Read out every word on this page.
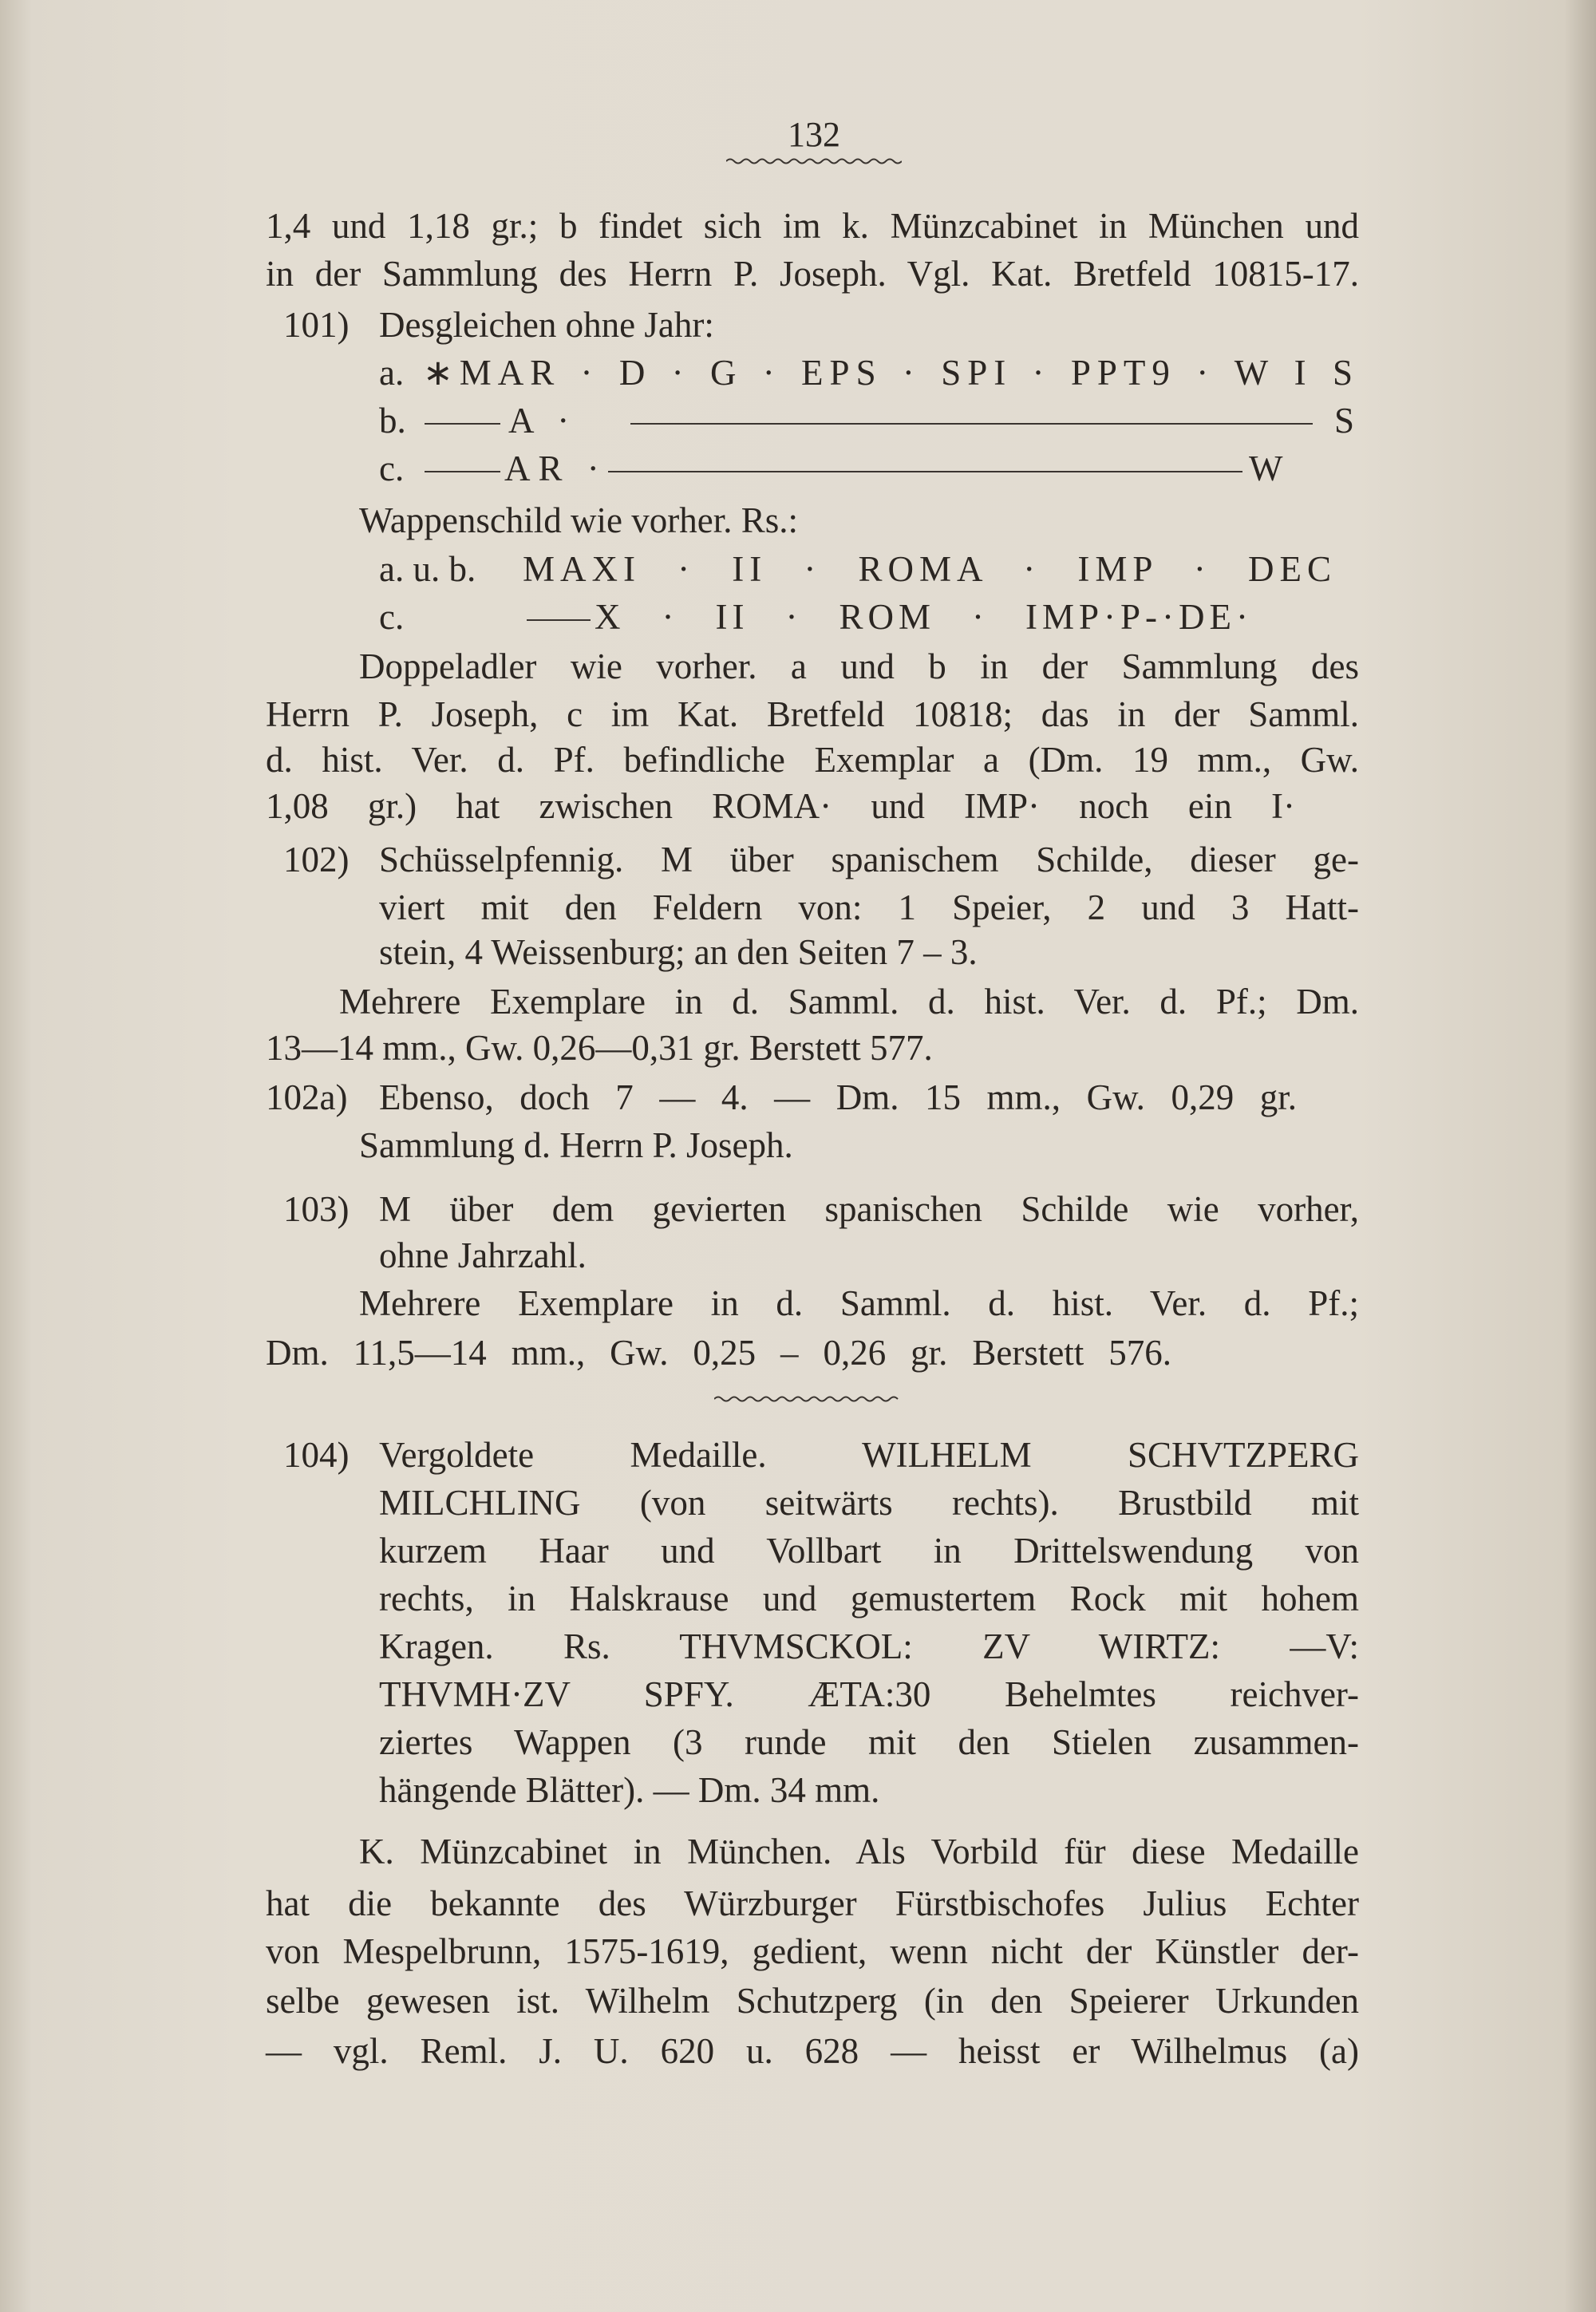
132
1,4 und 1,18 gr.; b findet sich im k. Münzcabinet in München und
in der Sammlung des Herrn P. Joseph. Vgl. Kat. Bretfeld 10815-17.
101) Desgleichen ohne Jahr:
a. ∗MAR · D · G · EPS · SPI · PPT9 · W I S
b.	A ·	S
c.	AR ·	W
Wappenschild wie vorher. Rs.:
a. u. b. MAXI · II · ROMA · IMP · DEC
c.	X · II · ROM · IMP·P-·DE·
Doppeladler wie vorher. a und b in der Sammlung des
Herrn P. Joseph, c im Kat. Bretfeld 10818; das in der Samml.
d. hist. Ver. d. Pf. befindliche Exemplar a (Dm. 19 mm., Gw.
1,08 gr.) hat zwischen ROMA· und IMP· noch ein I·
102) Schüsselpfennig. M über spanischem Schilde, dieser ge-
viert mit den Feldern von: 1 Speier, 2 und 3 Hatt-
stein, 4 Weissenburg; an den Seiten 7 – 3.
Mehrere Exemplare in d. Samml. d. hist. Ver. d. Pf.; Dm.
13—14 mm., Gw. 0,26—0,31 gr. Berstett 577.
102a) Ebenso, doch 7 — 4. — Dm. 15 mm., Gw. 0,29 gr.
Sammlung d. Herrn P. Joseph.
103) M über dem gevierten spanischen Schilde wie vorher,
ohne Jahrzahl.
Mehrere Exemplare in d. Samml. d. hist. Ver. d. Pf.;
Dm. 11,5—14 mm., Gw. 0,25 – 0,26 gr. Berstett 576.
104) Vergoldete Medaille. WILHELM SCHVTZPERG
MILCHLING (von seitwärts rechts). Brustbild mit
kurzem Haar und Vollbart in Drittelswendung von
rechts, in Halskrause und gemustertem Rock mit hohem
Kragen. Rs. THVMSCKOL: ZV WIRTZ: —V:
THVMH·ZV SPFY. ÆTA:30 Behelmtes reichver-
ziertes Wappen (3 runde mit den Stielen zusammen-
hängende Blätter). — Dm. 34 mm.
K. Münzcabinet in München. Als Vorbild für diese Medaille
hat die bekannte des Würzburger Fürstbischofes Julius Echter
von Mespelbrunn, 1575-1619, gedient, wenn nicht der Künstler der-
selbe gewesen ist. Wilhelm Schutzperg (in den Speierer Urkunden
— vgl. Reml. J. U. 620 u. 628 — heisst er Wilhelmus (a)
